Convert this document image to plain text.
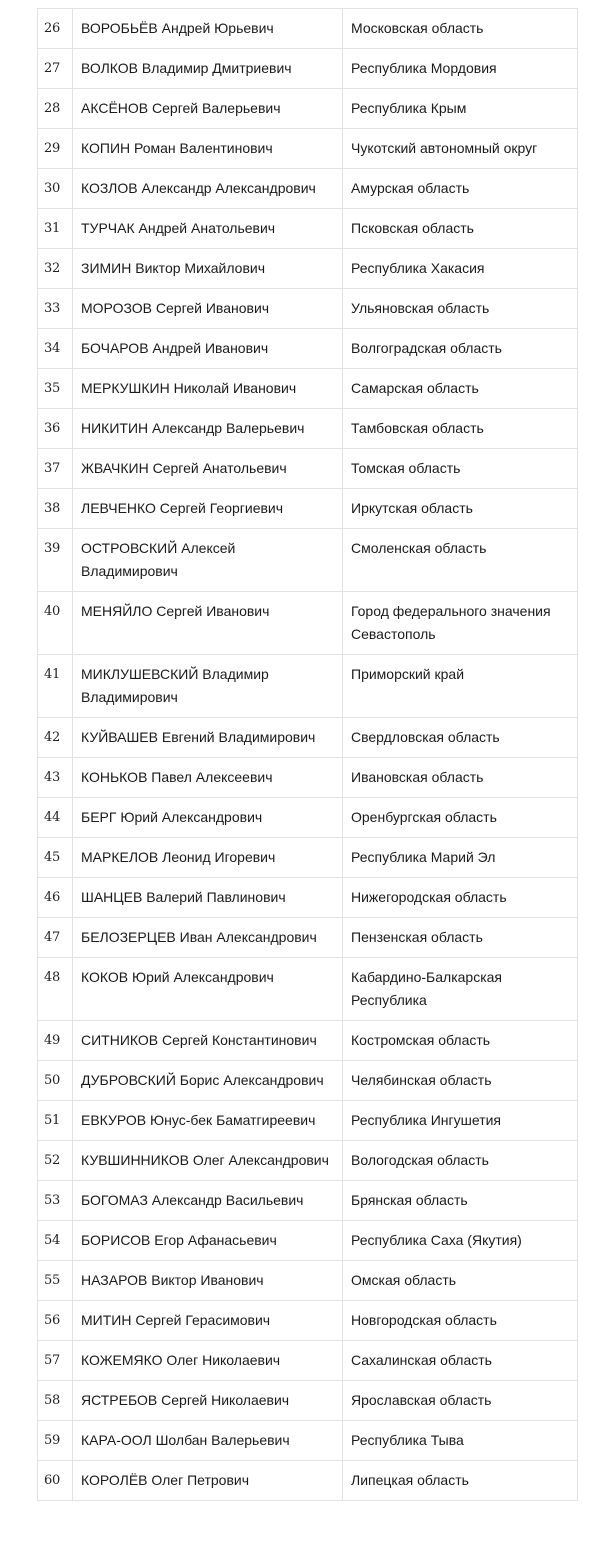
26	ВОРОБЬЁВ Андрей Юрьевич	Московская область
27	ВОЛКОВ Владимир Дмитриевич	Республика Мордовия
28	АКСЁНОВ Сергей Валерьевич	Республика Крым
29	КОПИН Роман Валентинович	Чукотский автономный округ
30	КОЗЛОВ Александр Александрович	Амурская область
31	ТУРЧАК Андрей Анатольевич	Псковская область
32	ЗИМИН Виктор Михайлович	Республика Хакасия
33	МОРОЗОВ Сергей Иванович	Ульяновская область
34	БОЧАРОВ Андрей Иванович	Волгоградская область
35	МЕРКУШКИН Николай Иванович	Самарская область
36	НИКИТИН Александр Валерьевич	Тамбовская область
37	ЖВАЧКИН Сергей Анатольевич	Томская область
38	ЛЕВЧЕНКО Сергей Георгиевич	Иркутская область
39	ОСТРОВСКИЙ Алексей Владимирович	Смоленская область
40	МЕНЯЙЛО Сергей Иванович	Город федерального значения Севастополь
41	МИКЛУШЕВСКИЙ Владимир Владимирович	Приморский край
42	КУЙВАШЕВ Евгений Владимирович	Свердловская область
43	КОНЬКОВ Павел Алексеевич	Ивановская область
44	БЕРГ Юрий Александрович	Оренбургская область
45	МАРКЕЛОВ Леонид Игоревич	Республика Марий Эл
46	ШАНЦЕВ Валерий Павлинович	Нижегородская область
47	БЕЛОЗЕРЦЕВ Иван Александрович	Пензенская область
48	КОКОВ Юрий Александрович	Кабардино-Балкарская Республика
49	СИТНИКОВ Сергей Константинович	Костромская область
50	ДУБРОВСКИЙ Борис Александрович	Челябинская область
51	ЕВКУРОВ Юнус-бек Баматгиреевич	Республика Ингушетия
52	КУВШИННИКОВ Олег Александрович	Вологодская область
53	БОГОМАЗ Александр Васильевич	Брянская область
54	БОРИСОВ Егор Афанасьевич	Республика Саха (Якутия)
55	НАЗАРОВ Виктор Иванович	Омская область
56	МИТИН Сергей Герасимович	Новгородская область
57	КОЖЕМЯКО Олег Николаевич	Сахалинская область
58	ЯСТРЕБОВ Сергей Николаевич	Ярославская область
59	КАРА-ООЛ Шолбан Валерьевич	Республика Тыва
60	КОРОЛЁВ Олег Петрович	Липецкая область
